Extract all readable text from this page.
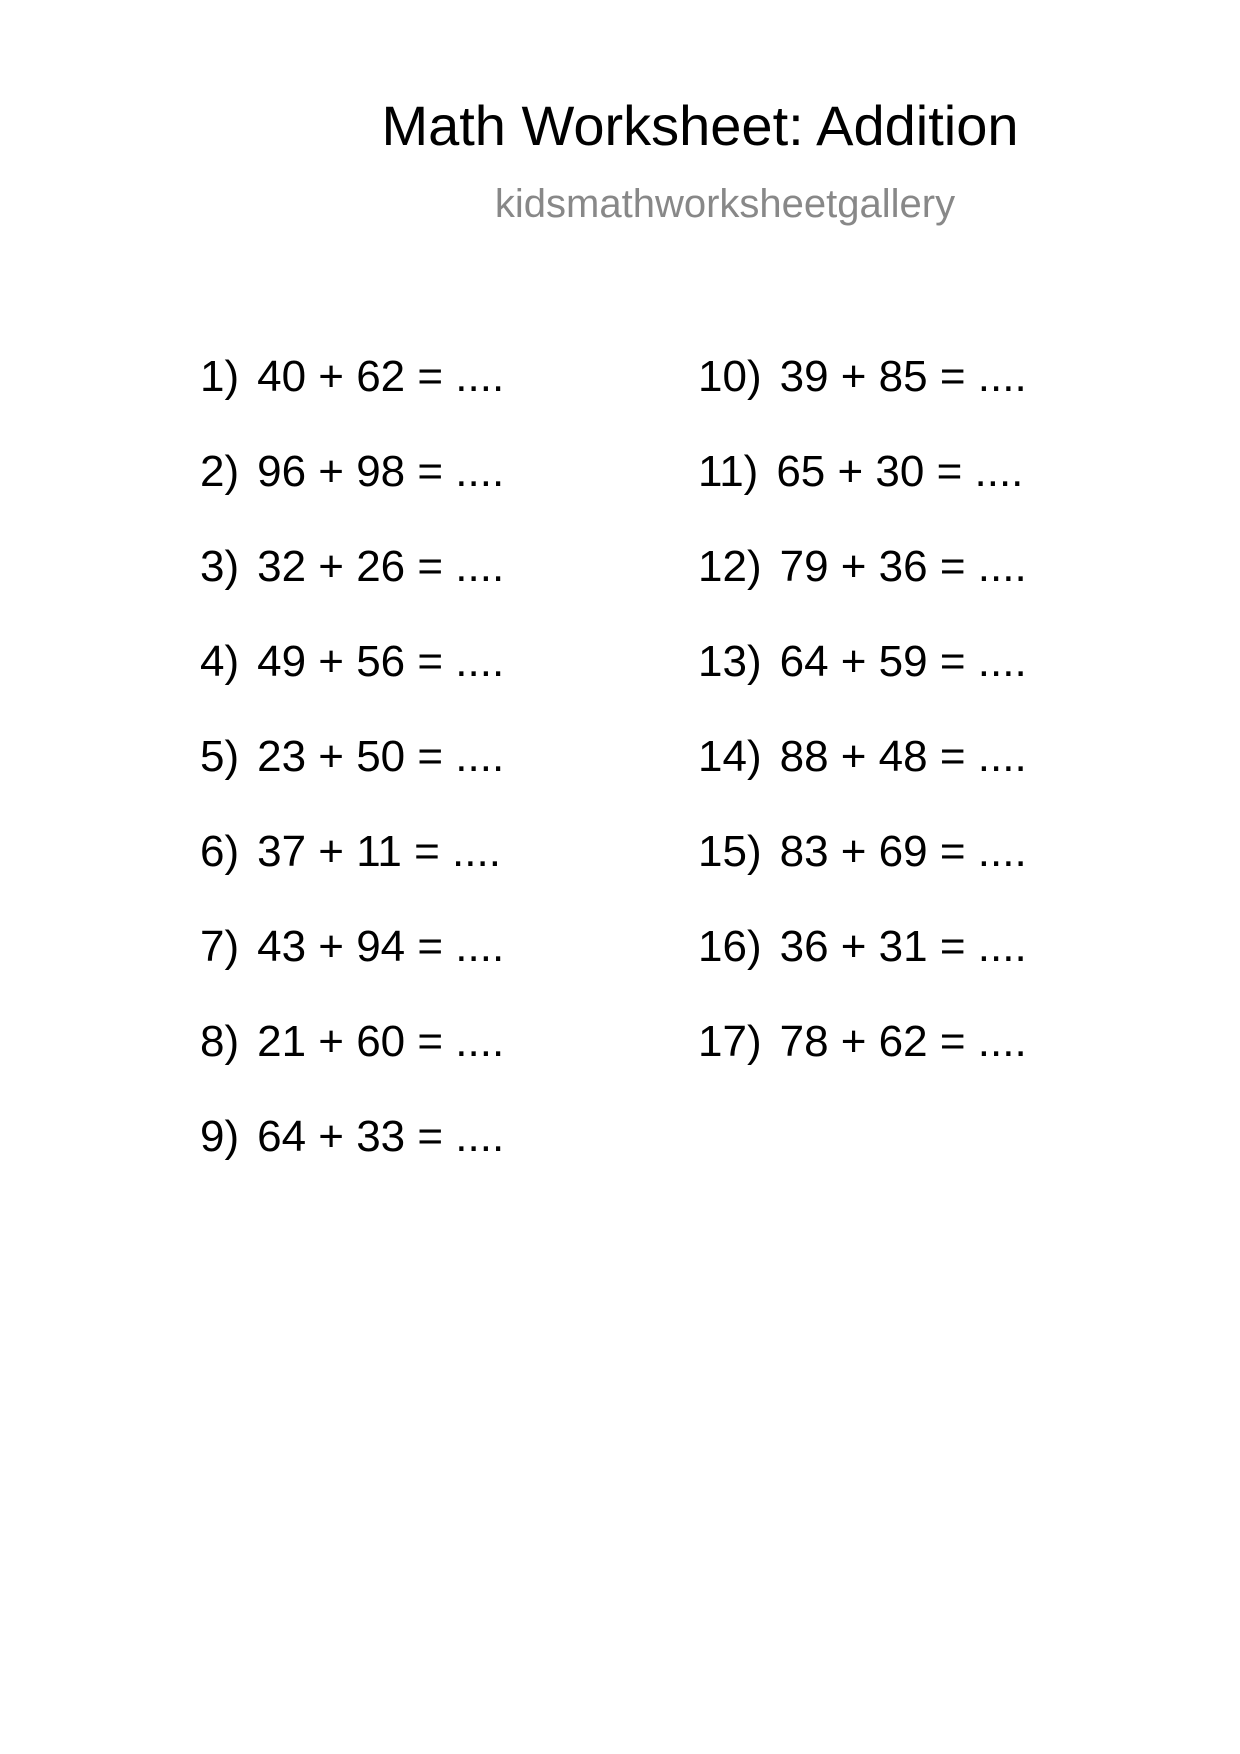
Math Worksheet: Addition
kidsmathworksheetgallery
1) 40 + 62 = ....
2) 96 + 98 = ....
3) 32 + 26 = ....
4) 49 + 56 = ....
5) 23 + 50 = ....
6) 37 + 11 = ....
7) 43 + 94 = ....
8) 21 + 60 = ....
9) 64 + 33 = ....
10) 39 + 85 = ....
11) 65 + 30 = ....
12) 79 + 36 = ....
13) 64 + 59 = ....
14) 88 + 48 = ....
15) 83 + 69 = ....
16) 36 + 31 = ....
17) 78 + 62 = ....
